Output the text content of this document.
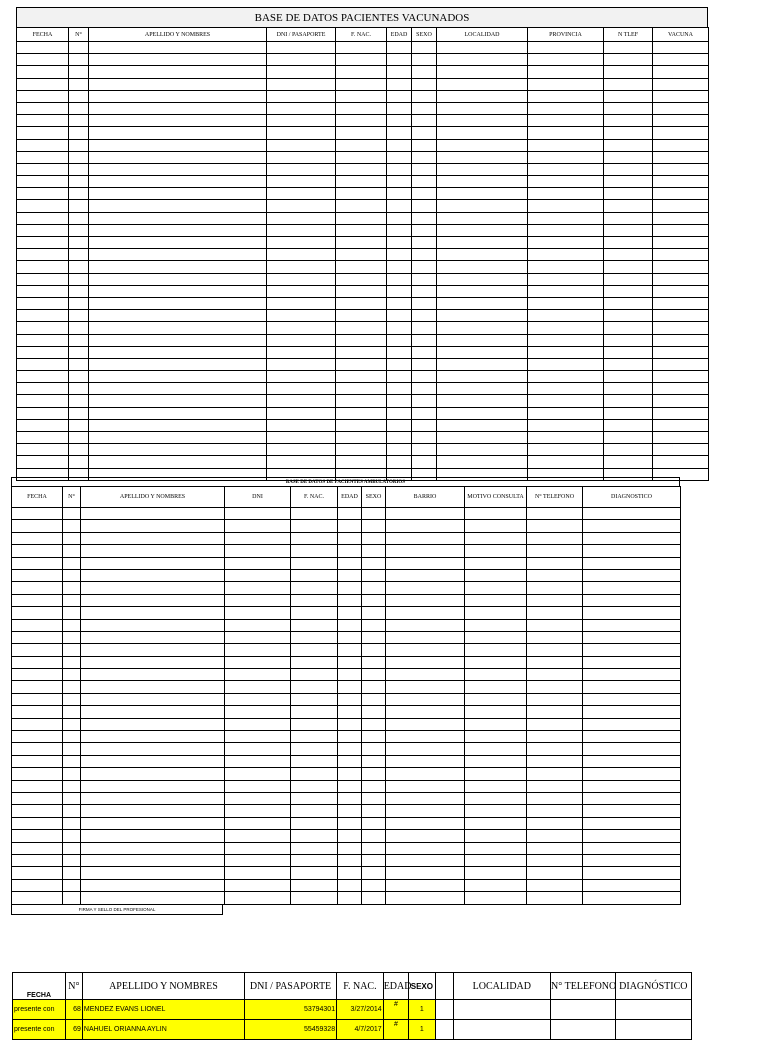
BASE DE DATOS PACIENTES VACUNADOS
FECHA	N°	APELLIDO Y NOMBRES	DNI / PASAPORTE	F. NAC.	EDAD	SEXO	LOCALIDAD	PROVINCIA	N TLEF	VACUNA

BASE DE DATOS DE PACIENTES AMBULATORIOS
FECHA	N°	APELLIDO Y NOMBRES	DNI	F. NAC.	EDAD	SEXO	BARRIO	MOTIVO CONSULTA	N° TELEFONO	DIAGNOSTICO

FIRMA Y SELLO DEL PROFESIONAL
FECHA	N°	APELLIDO Y NOMBRES	DNI / PASAPORTE	F. NAC.	EDAD	SEXO		LOCALIDAD	N° TELEFONO	DIAGNÓSTICO
presente con	68	MENDEZ EVANS LIONEL	53794301	3/27/2014	#	1				
presente con	69	NAHUEL ORIANNA AYLIN	55459328	4/7/2017	#	1				
